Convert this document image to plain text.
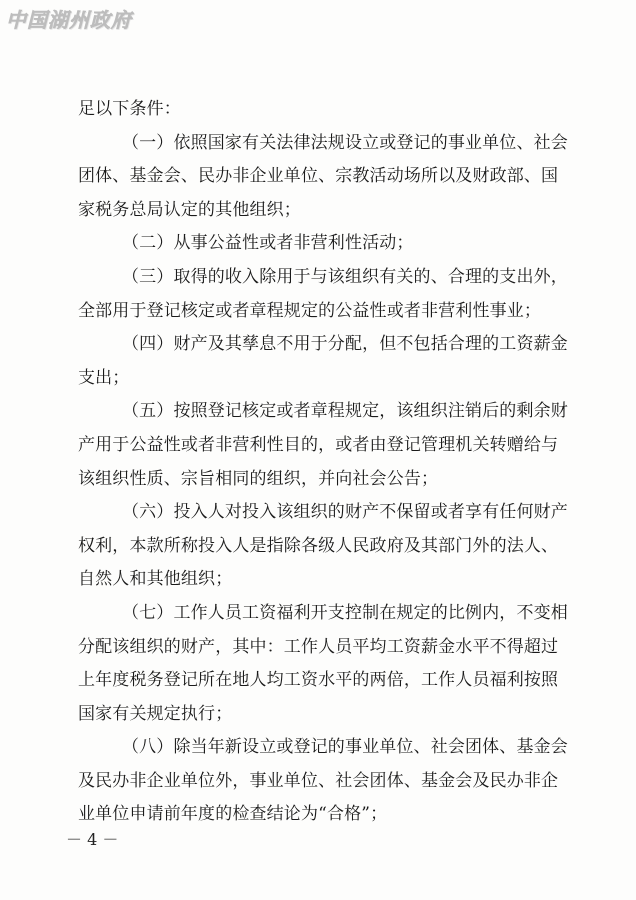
中国湖州政府
足以下条件：
（一）依照国家有关法律法规设立或登记的事业单位、社会
团体、基金会、民办非企业单位、宗教活动场所以及财政部、国
家税务总局认定的其他组织；
（二）从事公益性或者非营利性活动；
（三）取得的收入除用于与该组织有关的、合理的支出外，
全部用于登记核定或者章程规定的公益性或者非营利性事业；
（四）财产及其孳息不用于分配，但不包括合理的工资薪金
支出；
（五）按照登记核定或者章程规定，该组织注销后的剩余财
产用于公益性或者非营利性目的，或者由登记管理机关转赠给与
该组织性质、宗旨相同的组织，并向社会公告；
（六）投入人对投入该组织的财产不保留或者享有任何财产
权利，本款所称投入人是指除各级人民政府及其部门外的法人、
自然人和其他组织；
（七）工作人员工资福利开支控制在规定的比例内，不变相
分配该组织的财产，其中：工作人员平均工资薪金水平不得超过
上年度税务登记所在地人均工资水平的两倍，工作人员福利按照
国家有关规定执行；
（八）除当年新设立或登记的事业单位、社会团体、基金会
及民办非企业单位外，事业单位、社会团体、基金会及民办非企
业单位申请前年度的检查结论为“合格”；
－ 4 －
